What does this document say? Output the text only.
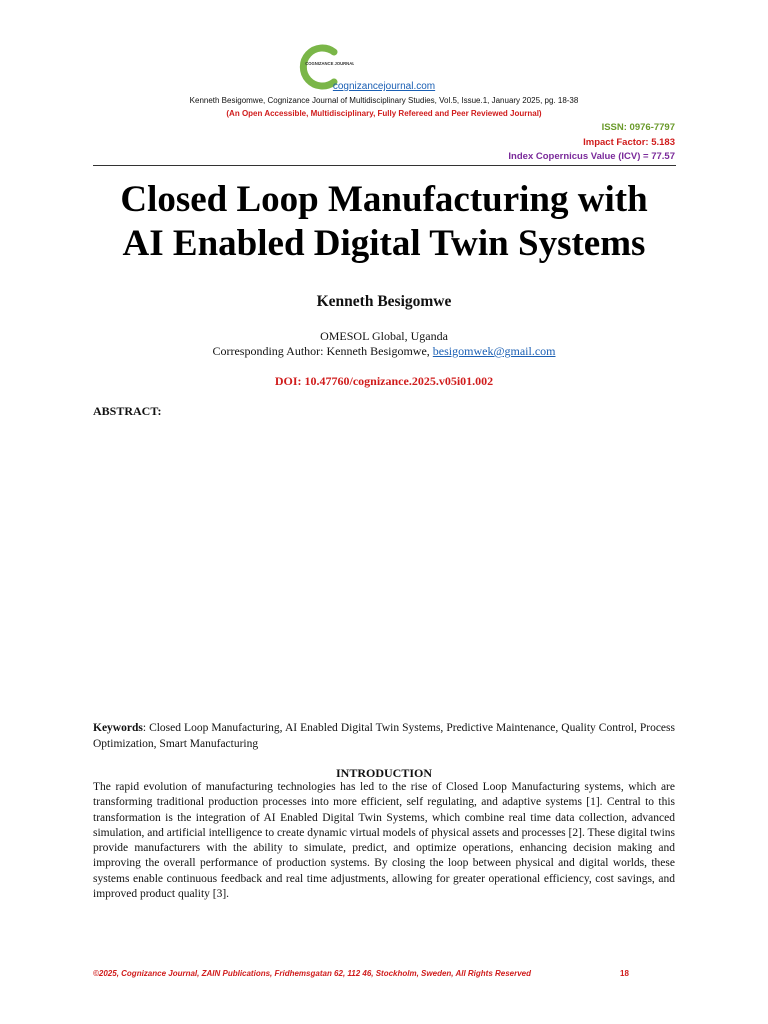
COGNIZANCE JOURNAL
cognizancejournal.com
Kenneth Besigomwe, Cognizance Journal of Multidisciplinary Studies, Vol.5, Issue.1, January 2025, pg. 18-38
(An Open Accessible, Multidisciplinary, Fully Refereed and Peer Reviewed Journal)
ISSN: 0976-7797
Impact Factor: 5.183
Index Copernicus Value (ICV) = 77.57
Closed Loop Manufacturing with
AI Enabled Digital Twin Systems
Kenneth Besigomwe
OMESOL Global, Uganda
Corresponding Author: Kenneth Besigomwe, besigomwek@gmail.com
DOI: 10.47760/cognizance.2025.v05i01.002
ABSTRACT:
Keywords: Closed Loop Manufacturing, AI Enabled Digital Twin Systems, Predictive Maintenance, Quality Control, Process Optimization, Smart Manufacturing
INTRODUCTION
The rapid evolution of manufacturing technologies has led to the rise of Closed Loop Manufacturing systems, which are transforming traditional production processes into more efficient, self regulating, and adaptive systems [1]. Central to this transformation is the integration of AI Enabled Digital Twin Systems, which combine real time data collection, advanced simulation, and artificial intelligence to create dynamic virtual models of physical assets and processes [2]. These digital twins provide manufacturers with the ability to simulate, predict, and optimize operations, enhancing decision making and improving the overall performance of production systems. By closing the loop between physical and digital worlds, these systems enable continuous feedback and real time adjustments, allowing for greater operational efficiency, cost savings, and improved product quality [3].
©2025, Cognizance Journal, ZAIN Publications, Fridhemsgatan 62, 112 46, Stockholm, Sweden, All Rights Reserved	18
